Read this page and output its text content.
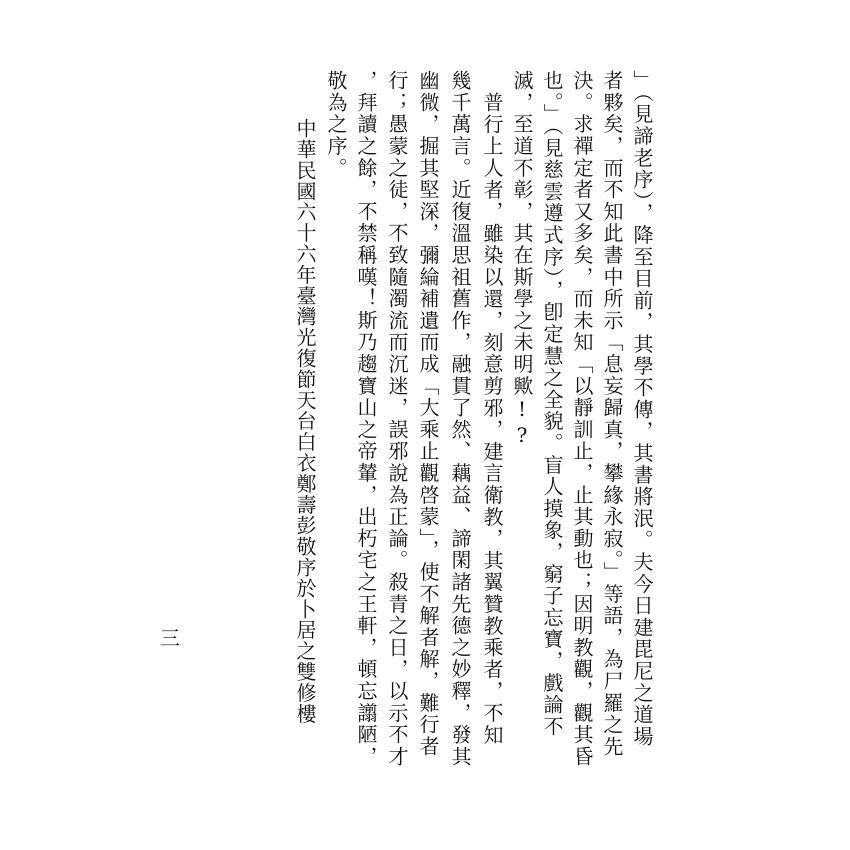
」（見諦老序），降至目前，其學不傳，其書將泯。夫今日建毘尼之道場
者夥矣，而不知此書中所示「息妄歸真，攀緣永寂。」等語，為尸羅之先
決。求禪定者又多矣，而未知「以靜訓止，止其動也；因明教觀，觀其昏
也。」（見慈雲遵式序），卽定慧之全貌。盲人摸象，窮子忘寶，戲論不
滅，至道不彰，其在斯學之未明歟!?
普行上人者，雖染以還，刻意剪邪，建言衛教，其翼贊教乘者，不知
幾千萬言。近復溫思祖舊作，融貫了然、藕益、諦閑諸先德之妙釋，發其
幽微，掘其堅深，彌綸補遺而成「大乘止觀啓蒙」，使不解者解，難行者
行；愚蒙之徒，不致隨濁流而沉迷，誤邪說為正論。殺青之日，以示不才
，拜讀之餘，不禁稱嘆！斯乃趨寶山之帝輦，出朽宅之王軒，頓忘譾陋，
敬為之序。
中華民國六十六年臺灣光復節天台白衣鄭壽彭敬序於卜居之雙修樓
三
